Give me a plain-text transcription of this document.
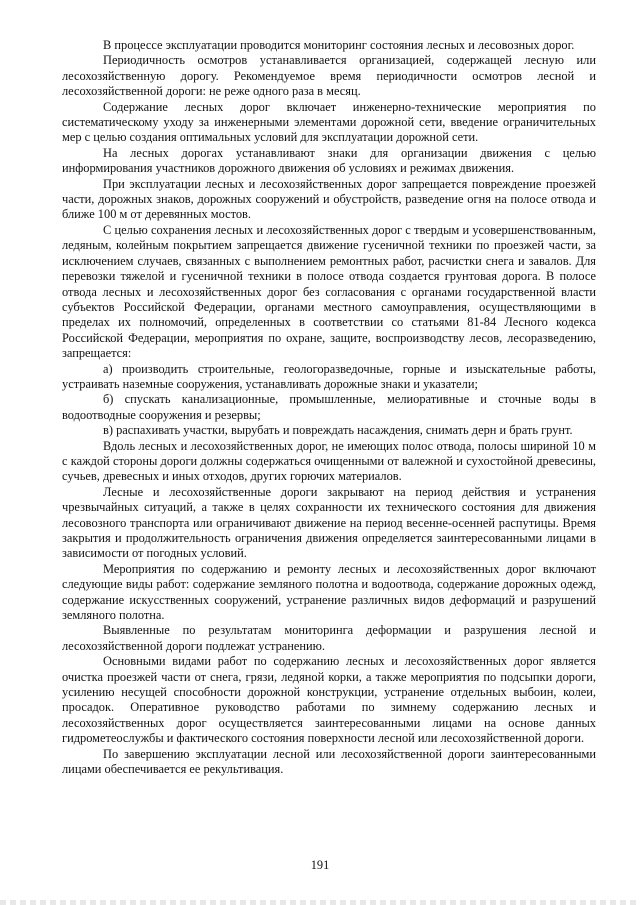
В процессе эксплуатации проводится мониторинг состояния лесных и лесовозных дорог.

Периодичность осмотров устанавливается организацией, содержащей лесную или лесохозяйственную дорогу. Рекомендуемое время периодичности осмотров лесной и лесохозяйственной дороги: не реже одного раза в месяц.

Содержание лесных дорог включает инженерно-технические мероприятия по систематическому уходу за инженерными элементами дорожной сети, введение ограничительных мер с целью создания оптимальных условий для эксплуатации дорожной сети.

На лесных дорогах устанавливают знаки для организации движения с целью информирования участников дорожного движения об условиях и режимах движения.

При эксплуатации лесных и лесохозяйственных дорог запрещается повреждение проезжей части, дорожных знаков, дорожных сооружений и обустройств, разведение огня на полосе отвода и ближе 100 м от деревянных мостов.

С целью сохранения лесных и лесохозяйственных дорог с твердым и усовершенствованным, ледяным, колейным покрытием запрещается движение гусеничной техники по проезжей части, за исключением случаев, связанных с выполнением ремонтных работ, расчистки снега и завалов. Для перевозки тяжелой и гусеничной техники в полосе отвода создается грунтовая дорога. В полосе отвода лесных и лесохозяйственных дорог без согласования с органами государственной власти субъектов Российской Федерации, органами местного самоуправления, осуществляющими в пределах их полномочий, определенных в соответствии со статьями 81-84 Лесного кодекса Российской Федерации, мероприятия по охране, защите, воспроизводству лесов, лесоразведению, запрещается:

а) производить строительные, геологоразведочные, горные и изыскательные работы, устраивать наземные сооружения, устанавливать дорожные знаки и указатели;

б) спускать канализационные, промышленные, мелиоративные и сточные воды в водоотводные сооружения и резервы;

в) распахивать участки, вырубать и повреждать насаждения, снимать дерн и брать грунт.

Вдоль лесных и лесохозяйственных дорог, не имеющих полос отвода, полосы шириной 10 м с каждой стороны дороги должны содержаться очищенными от валежной и сухостойной древесины, сучьев, древесных и иных отходов, других горючих материалов.

Лесные и лесохозяйственные дороги закрывают на период действия и устранения чрезвычайных ситуаций, а также в целях сохранности их технического состояния для движения лесовозного транспорта или ограничивают движение на период весенне-осенней распутицы. Время закрытия и продолжительность ограничения движения определяется заинтересованными лицами в зависимости от погодных условий.

Мероприятия по содержанию и ремонту лесных и лесохозяйственных дорог включают следующие виды работ: содержание земляного полотна и водоотвода, содержание дорожных одежд, содержание искусственных сооружений, устранение различных видов деформаций и разрушений земляного полотна.

Выявленные по результатам мониторинга деформации и разрушения лесной и лесохозяйственной дороги подлежат устранению.

Основными видами работ по содержанию лесных и лесохозяйственных дорог является очистка проезжей части от снега, грязи, ледяной корки, а также мероприятия по подсыпки дороги, усилению несущей способности дорожной конструкции, устранение отдельных выбоин, колеи, просадок. Оперативное руководство работами по зимнему содержанию лесных и лесохозяйственных дорог осуществляется заинтересованными лицами на основе данных гидрометеослужбы и фактического состояния поверхности лесной или лесохозяйственной дороги.

По завершению эксплуатации лесной или лесохозяйственной дороги заинтересованными лицами обеспечивается ее рекультивация.

191
